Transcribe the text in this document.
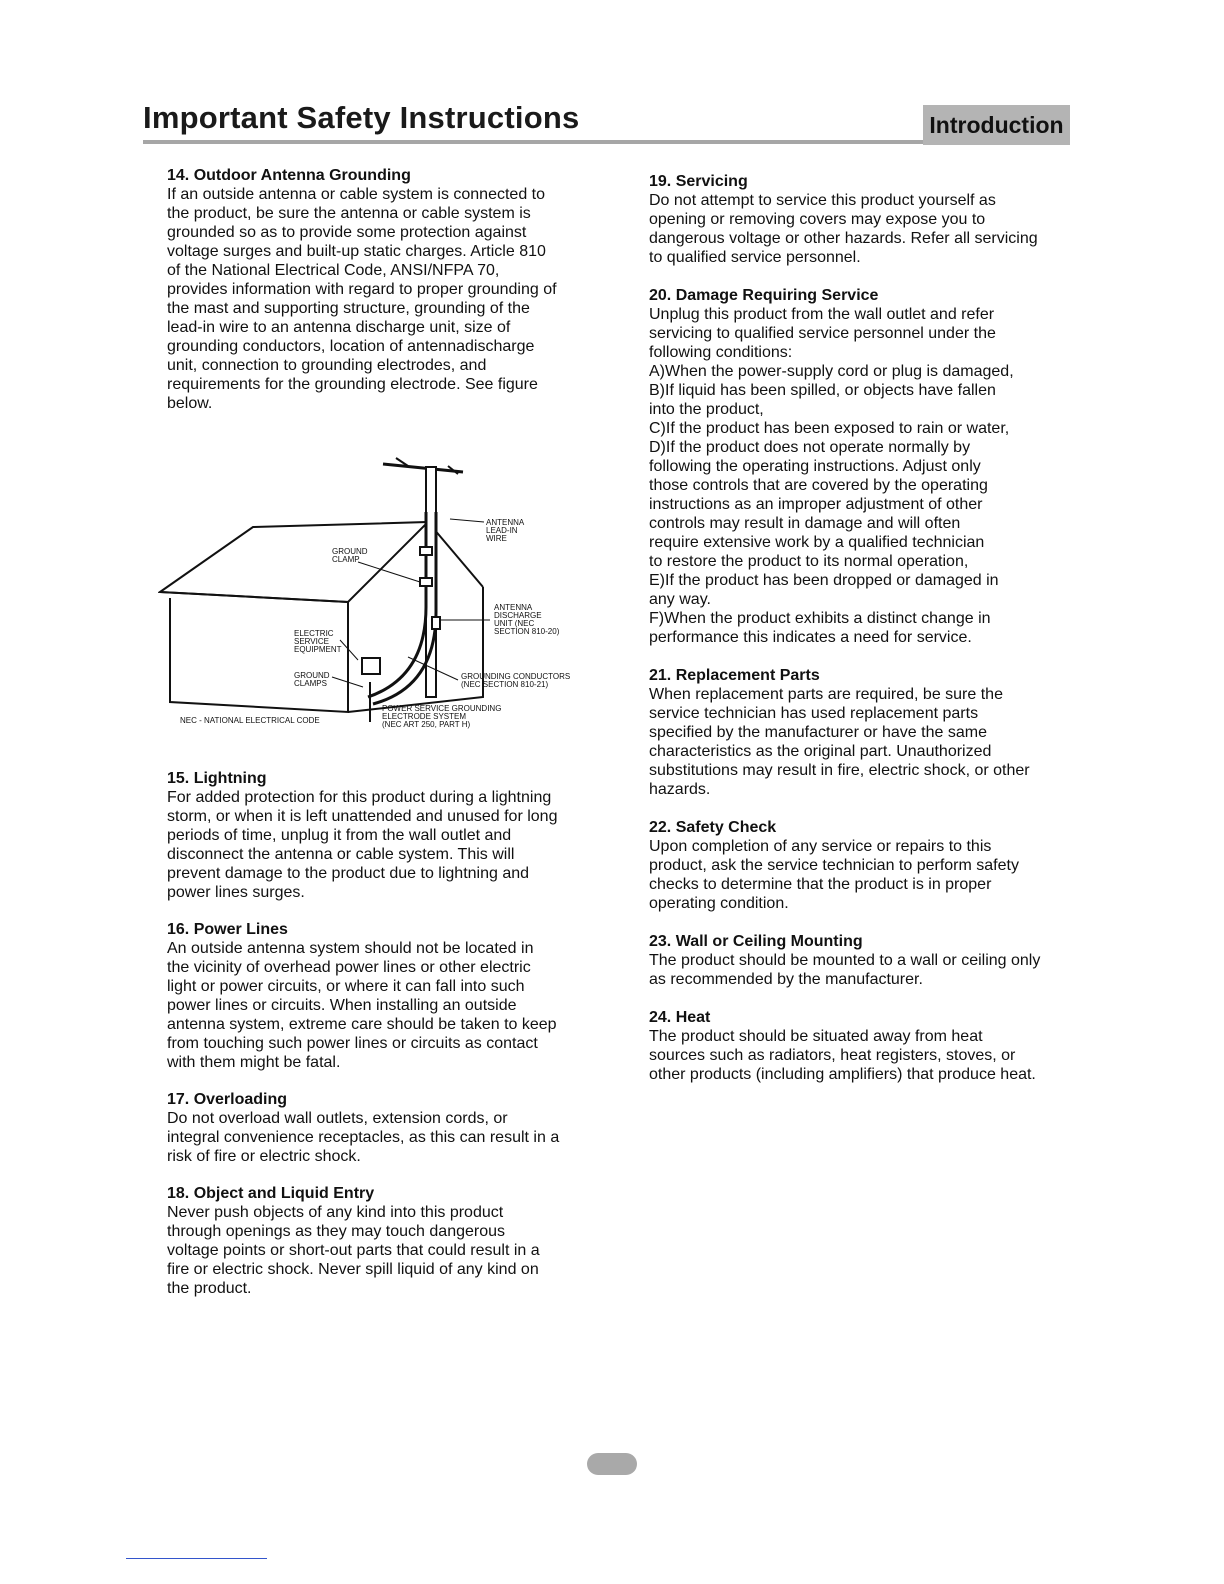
Important Safety Instructions	Introduction
14. Outdoor Antenna Grounding

If an outside antenna or cable system is connected to
the product, be sure the antenna or cable system is
grounded so as to provide some protection against
voltage surges and built-up static charges. Article 810
of the National Electrical Code, ANSI/NFPA 70,
provides information with regard to proper grounding of
the mast and supporting structure, grounding of the
lead-in wire to an antenna discharge unit, size of
grounding conductors, location of antennadischarge
unit, connection to grounding electrodes, and
requirements for the grounding electrode. See figure
below.

ANTENNA
LEAD-IN
WIRE
GROUND
CLAMP
ANTENNA
DISCHARGE
UNIT (NEC
SECTION 810-20)
ELECTRIC
SERVICE
EQUIPMENT
GROUND
CLAMPS
GROUNDING CONDUCTORS
(NEC SECTION 810-21)
POWER SERVICE GROUNDING
ELECTRODE SYSTEM
(NEC ART 250, PART H)
NEC - NATIONAL ELECTRICAL CODE
15. Lightning

For added protection for this product during a lightning
storm, or when it is left unattended and unused for long
periods of time, unplug it from the wall outlet and
disconnect the antenna or cable system. This will
prevent damage to the product due to lightning and
power lines surges.

16. Power Lines

An outside antenna system should not be located in
the vicinity of overhead power lines or other electric
light or power circuits, or where it can fall into such
power lines or circuits. When installing an outside
antenna system, extreme care should be taken to keep
from touching such power lines or circuits as contact
with them might be fatal.

17. Overloading

Do not overload wall outlets, extension cords, or
integral convenience receptacles, as this can result in a
risk of fire or electric shock.

18. Object and Liquid Entry

Never push objects of any kind into this product
through openings as they may touch dangerous
voltage points or short-out parts that could result in a
fire or electric shock. Never spill liquid of any kind on
the product.

19. Servicing

Do not attempt to service this product yourself as
opening or removing covers may expose you to
dangerous voltage or other hazards. Refer all servicing
to qualified service personnel.

20. Damage Requiring Service

Unplug this product from the wall outlet and refer
servicing to qualified service personnel under the
following conditions:
A)When the power-supply cord or plug is damaged,
B)If liquid has been spilled, or objects have fallen
into the product,
C)If the product has been exposed to rain or water,
D)If the product does not operate normally by
following the operating instructions. Adjust only
those controls that are covered by the operating
instructions as an improper adjustment of other
controls may result in damage and will often
require extensive work by a qualified technician
to restore the product to its normal operation,
E)If the product has been dropped or damaged in
any way.
F)When the product exhibits a distinct change in
performance this indicates a need for service.

21. Replacement Parts

When replacement parts are required, be sure the
service technician has used replacement parts
specified by the manufacturer or have the same
characteristics as the original part. Unauthorized
substitutions may result in fire, electric shock, or other
hazards.

22. Safety Check

Upon completion of any service or repairs to this
product, ask the service technician to perform safety
checks to determine that the product is in proper
operating condition.

23. Wall or Ceiling Mounting

The product should be mounted to a wall or ceiling only
as recommended by the manufacturer.

24. Heat

The product should be situated away from heat
sources such as radiators, heat registers, stoves, or
other products (including amplifiers) that produce heat.
